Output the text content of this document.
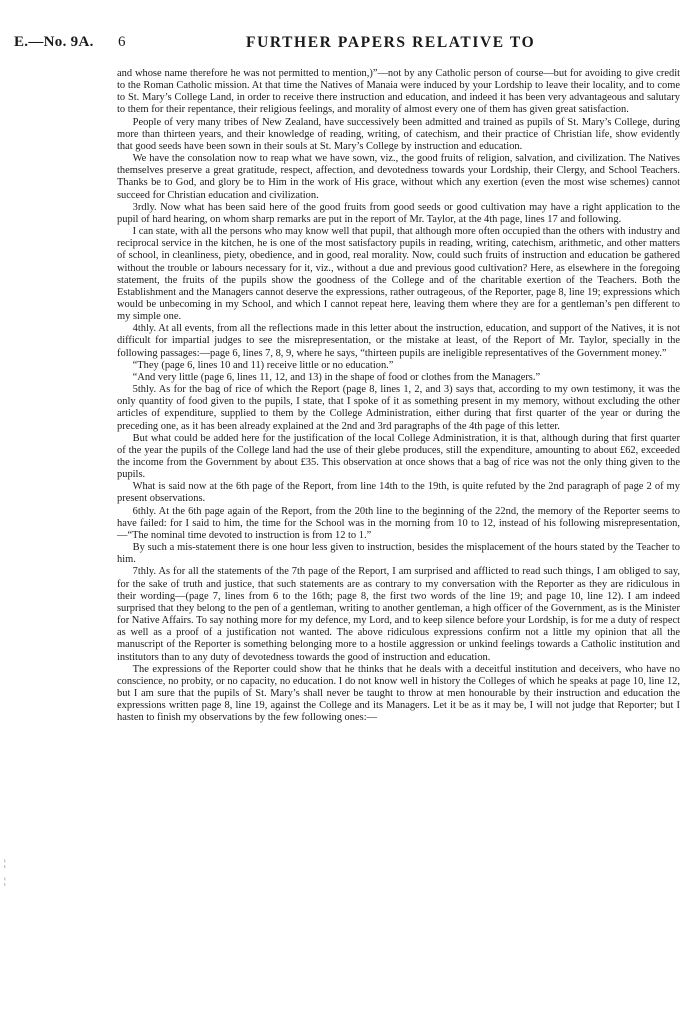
E.—No. 9A. 6	FURTHER PAPERS RELATIVE TO
¦
¦

and whose name therefore he was not permitted to mention,)”—not by any Catholic person of course—but for avoiding to give credit to the Roman Catholic mission. At that time the Natives of Manaia were induced by your Lordship to leave their locality, and to come to St. Mary’s College Land, in order to receive there instruction and education, and indeed it has been very advantageous and salutary to them for their repentance, their religious feelings, and morality of almost every one of them has given great satisfaction.

People of very many tribes of New Zealand, have successively been admitted and trained as pupils of St. Mary’s College, during more than thirteen years, and their knowledge of reading, writing, of catechism, and their practice of Christian life, show evidently that good seeds have been sown in their souls at St. Mary’s College by instruction and education.

We have the consolation now to reap what we have sown, viz., the good fruits of religion, salvation, and civilization. The Natives themselves preserve a great gratitude, respect, affection, and devotedness towards your Lordship, their Clergy, and School Teachers. Thanks be to God, and glory be to Him in the work of His grace, without which any exertion (even the most wise schemes) cannot succeed for Christian education and civilization.

3rdly. Now what has been said here of the good fruits from good seeds or good cultivation may have a right application to the pupil of hard hearing, on whom sharp remarks are put in the report of Mr. Taylor, at the 4th page, lines 17 and following.

I can state, with all the persons who may know well that pupil, that although more often occupied than the others with industry and reciprocal service in the kitchen, he is one of the most satisfactory pupils in reading, writing, catechism, arithmetic, and other matters of school, in cleanliness, piety, obedience, and in good, real morality. Now, could such fruits of instruction and education be gathered without the trouble or labours necessary for it, viz., without a due and previous good cultivation? Here, as elsewhere in the foregoing statement, the fruits of the pupils show the goodness of the College and of the charitable exertion of the Teachers. Both the Establishment and the Managers cannot deserve the expressions, rather outrageous, of the Reporter, page 8, line 19; expressions which would be unbecoming in my School, and which I cannot repeat here, leaving them where they are for a gentleman’s pen different to my simple one.

4thly. At all events, from all the reflections made in this letter about the instruction, education, and support of the Natives, it is not difficult for impartial judges to see the misrepresentation, or the mistake at least, of the Report of Mr. Taylor, specially in the following passages:—page 6, lines 7, 8, 9, where he says, “thirteen pupils are ineligible representatives of the Government money.”

“They (page 6, lines 10 and 11) receive little or no education.”

“And very little (page 6, lines 11, 12, and 13) in the shape of food or clothes from the Managers.”

5thly. As for the bag of rice of which the Report (page 8, lines 1, 2, and 3) says that, according to my own testimony, it was the only quantity of food given to the pupils, I state, that I spoke of it as something present in my memory, without excluding the other articles of expenditure, supplied to them by the College Administration, either during that first quarter of the year or during the preceding one, as it has been already explained at the 2nd and 3rd paragraphs of the 4th page of this letter.

But what could be added here for the justification of the local College Administration, it is that, although during that first quarter of the year the pupils of the College land had the use of their glebe produces, still the expenditure, amounting to about £62, exceeded the income from the Government by about £35. This observation at once shows that a bag of rice was not the only thing given to the pupils.

What is said now at the 6th page of the Report, from line 14th to the 19th, is quite refuted by the 2nd paragraph of page 2 of my present observations.

6thly. At the 6th page again of the Report, from the 20th line to the beginning of the 22nd, the memory of the Reporter seems to have failed: for I said to him, the time for the School was in the morning from 10 to 12, instead of his following misrepresentation,—“The nominal time devoted to instruction is from 12 to 1.”

By such a mis-statement there is one hour less given to instruction, besides the misplacement of the hours stated by the Teacher to him.

7thly. As for all the statements of the 7th page of the Report, I am surprised and afflicted to read such things, I am obliged to say, for the sake of truth and justice, that such statements are as contrary to my conversation with the Reporter as they are ridiculous in their wording—(page 7, lines from 6 to the 16th; page 8, the first two words of the line 19; and page 10, line 12). I am indeed surprised that they belong to the pen of a gentleman, writing to another gentleman, a high officer of the Government, as is the Minister for Native Affairs. To say nothing more for my defence, my Lord, and to keep silence before your Lordship, is for me a duty of respect as well as a proof of a justification not wanted. The above ridiculous expressions confirm not a little my opinion that all the manuscript of the Reporter is something belonging more to a hostile aggression or unkind feelings towards a Catholic institution and institutors than to any duty of devotedness towards the good of instruction and education.

The expressions of the Reporter could show that he thinks that he deals with a deceitful institution and deceivers, who have no conscience, no probity, or no capacity, no education. I do not know well in history the Colleges of which he speaks at page 10, line 12, but I am sure that the pupils of St. Mary’s shall never be taught to throw at men honourable by their instruction and education the expressions written page 8, line 19, against the College and its Managers. Let it be as it may be, I will not judge that Reporter; but I hasten to finish my observations by the few following ones:—
